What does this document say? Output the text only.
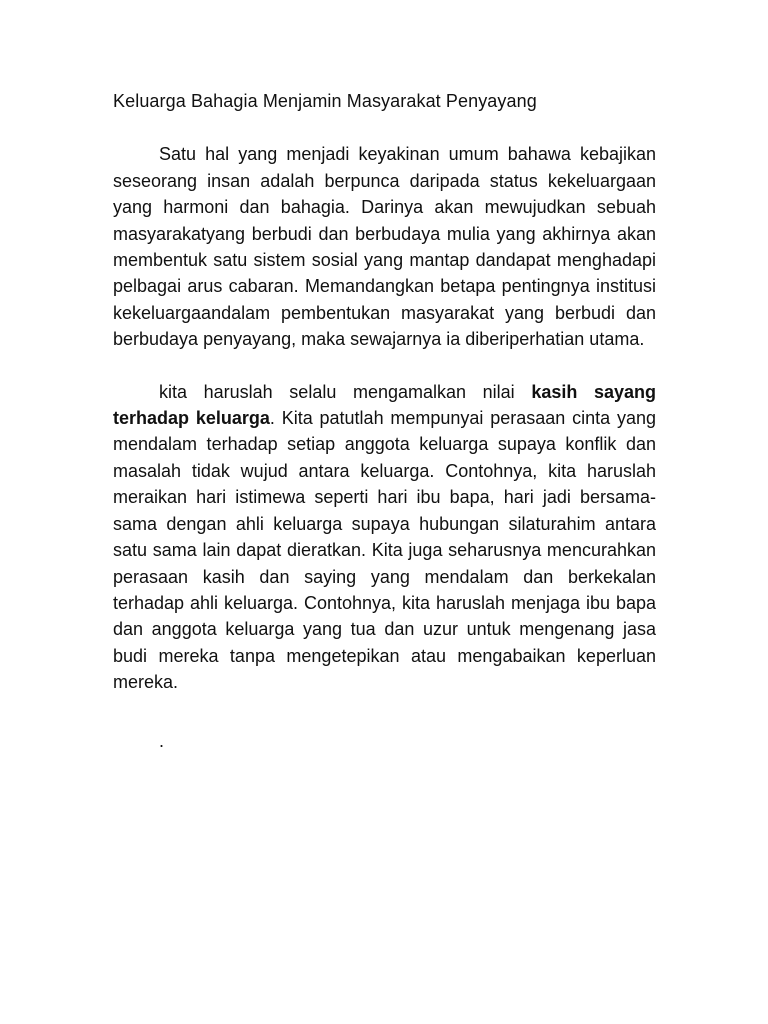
Keluarga Bahagia Menjamin Masyarakat Penyayang

Satu hal yang menjadi keyakinan umum bahawa kebajikan seseorang insan adalah berpunca daripada status kekeluargaan yang harmoni dan bahagia. Darinya akan mewujudkan sebuah masyarakatyang berbudi dan berbudaya mulia yang akhirnya akan membentuk satu sistem sosial yang mantap dandapat menghadapi pelbagai arus cabaran. Memandangkan betapa pentingnya institusi kekeluargaandalam pembentukan masyarakat yang berbudi dan berbudaya penyayang, maka sewajarnya ia diberiperhatian utama.

kita haruslah selalu mengamalkan nilai kasih sayang terhadap keluarga. Kita patutlah mempunyai perasaan cinta yang mendalam terhadap setiap anggota keluarga supaya konflik dan masalah tidak wujud antara keluarga. Contohnya, kita haruslah meraikan hari istimewa seperti hari ibu bapa, hari jadi bersama-sama dengan ahli keluarga supaya hubungan silaturahim antara satu sama lain dapat dieratkan. Kita juga seharusnya mencurahkan perasaan kasih dan saying yang mendalam dan berkekalan terhadap ahli keluarga. Contohnya, kita haruslah menjaga ibu bapa dan anggota keluarga yang tua dan uzur untuk mengenang jasa budi mereka tanpa mengetepikan atau mengabaikan keperluan mereka.

.
